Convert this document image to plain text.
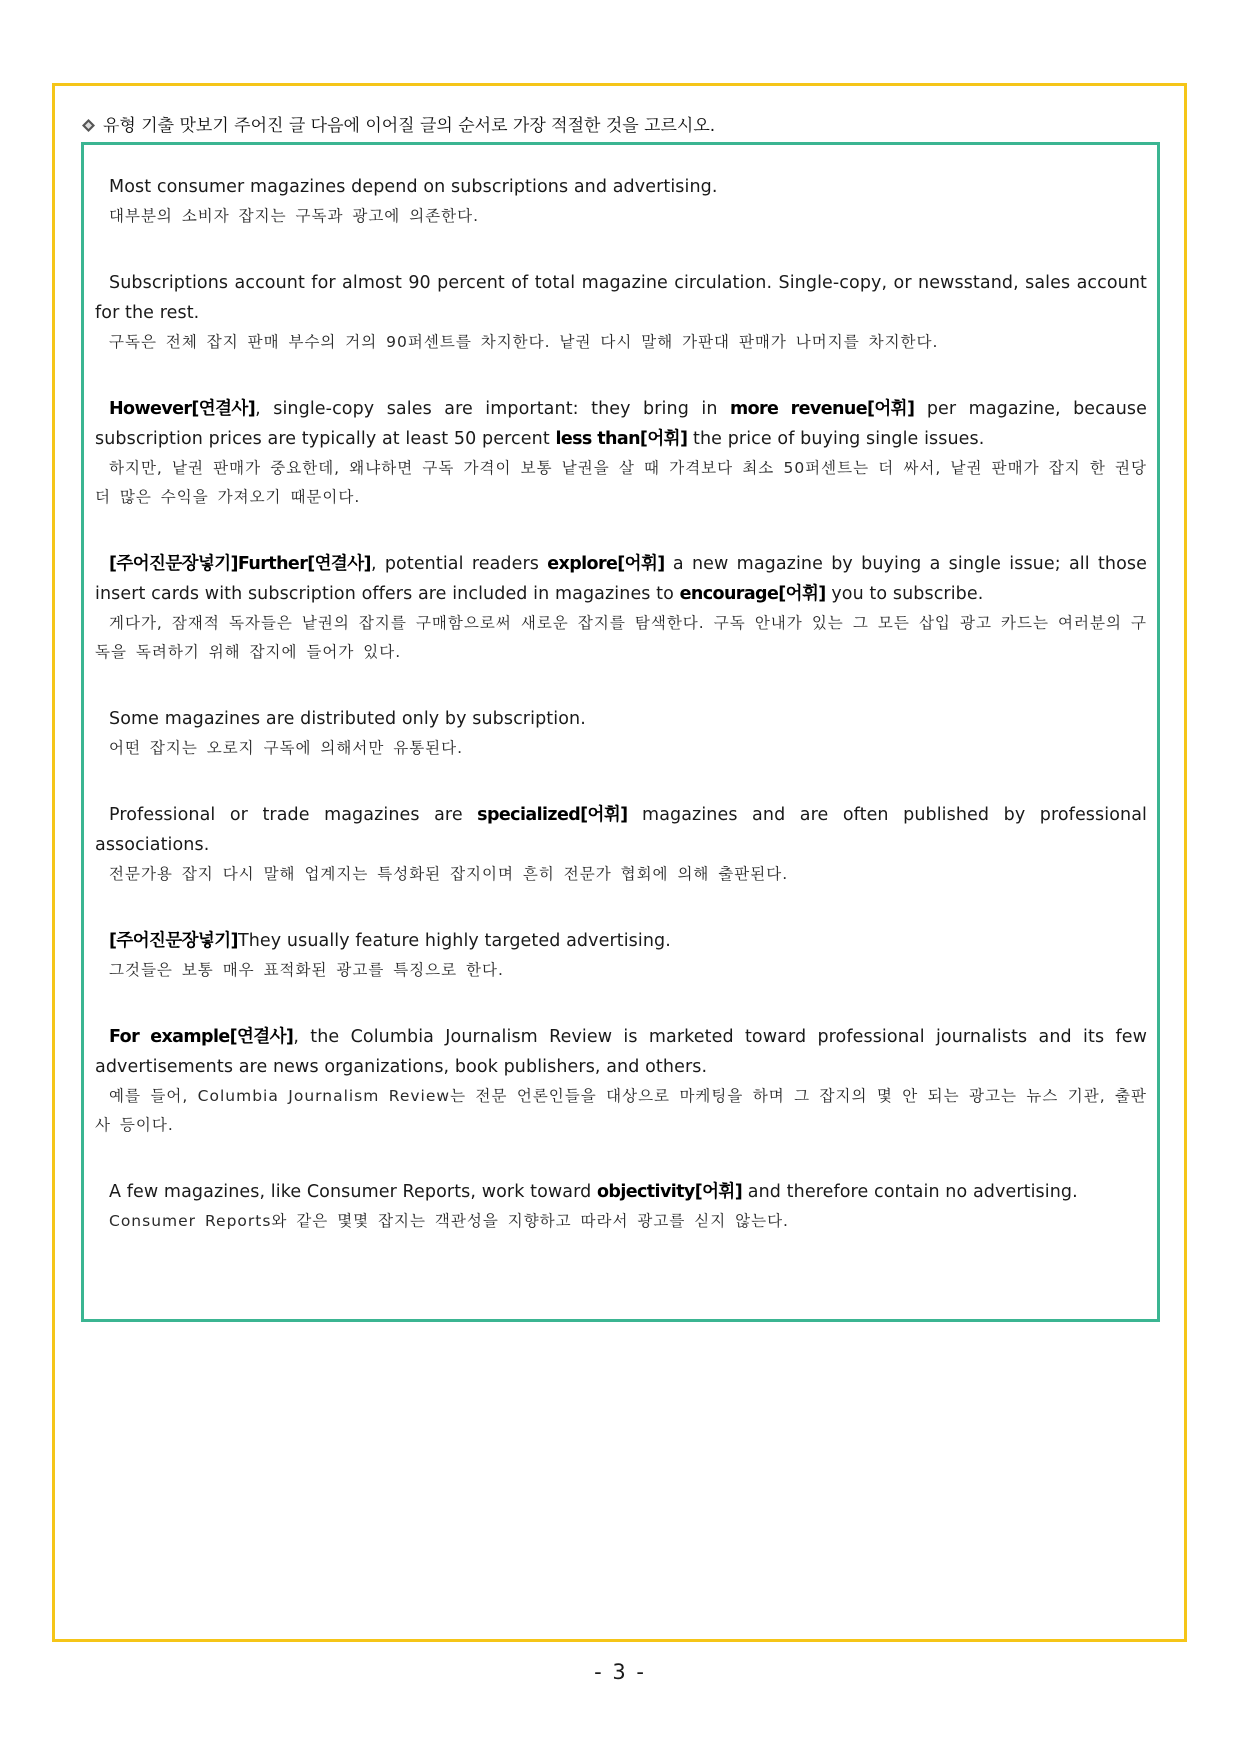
유형 기출 맛보기 주어진 글 다음에 이어질 글의 순서로 가장 적절한 것을 고르시오.
Most consumer magazines depend on subscriptions and advertising.
대부분의 소비자 잡지는 구독과 광고에 의존한다.
Subscriptions account for almost 90 percent of total magazine circulation. Single-copy, or newsstand, sales account for the rest.
구독은 전체 잡지 판매 부수의 거의 90퍼센트를 차지한다. 낱권 다시 말해 가판대 판매가 나머지를 차지한다.
However[연결사], single-copy sales are important: they bring in more revenue[어휘] per magazine, because subscription prices are typically at least 50 percent less than[어휘] the price of buying single issues.
하지만, 낱권 판매가 중요한데, 왜냐하면 구독 가격이 보통 낱권을 살 때 가격보다 최소 50퍼센트는 더 싸서, 낱권 판매가 잡지 한 권당 더 많은 수익을 가져오기 때문이다.
[주어진문장넣기]Further[연결사], potential readers explore[어휘] a new magazine by buying a single issue; all those insert cards with subscription offers are included in magazines to encourage[어휘] you to subscribe.
게다가, 잠재적 독자들은 낱권의 잡지를 구매함으로써 새로운 잡지를 탐색한다. 구독 안내가 있는 그 모든 삽입 광고 카드는 여러분의 구독을 독려하기 위해 잡지에 들어가 있다.
Some magazines are distributed only by subscription.
어떤 잡지는 오로지 구독에 의해서만 유통된다.
Professional or trade magazines are specialized[어휘] magazines and are often published by professional associations.
전문가용 잡지 다시 말해 업계지는 특성화된 잡지이며 흔히 전문가 협회에 의해 출판된다.
[주어진문장넣기]They usually feature highly targeted advertising.
그것들은 보통 매우 표적화된 광고를 특징으로 한다.
For example[연결사], the Columbia Journalism Review is marketed toward professional journalists and its few advertisements are news organizations, book publishers, and others.
예를 들어, Columbia Journalism Review는 전문 언론인들을 대상으로 마케팅을 하며 그 잡지의 몇 안 되는 광고는 뉴스 기관, 출판사 등이다.
A few magazines, like Consumer Reports, work toward objectivity[어휘] and therefore contain no advertising.
Consumer Reports와 같은 몇몇 잡지는 객관성을 지향하고 따라서 광고를 싣지 않는다.
- 3 -
